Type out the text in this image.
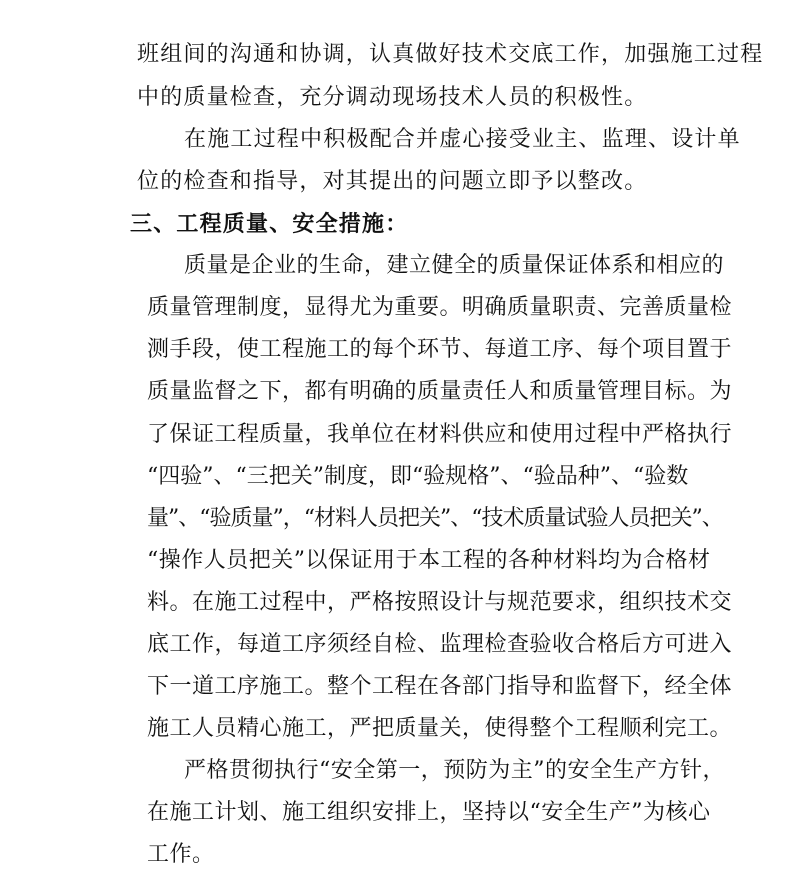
班组间的沟通和协调，认真做好技术交底工作，加强施工过程
中的质量检查，充分调动现场技术人员的积极性。
在施工过程中积极配合并虚心接受业主、监理、设计单
位的检查和指导，对其提出的问题立即予以整改。
三、工程质量、安全措施：
质量是企业的生命，建立健全的质量保证体系和相应的
质量管理制度，显得尤为重要。明确质量职责、完善质量检
测手段，使工程施工的每个环节、每道工序、每个项目置于
质量监督之下，都有明确的质量责任人和质量管理目标。为
了保证工程质量，我单位在材料供应和使用过程中严格执行
“四验”、“三把关”制度，即“验规格”、“验品种”、“验数
量”、“验质量”，“材料人员把关”、“技术质量试验人员把关”、
“操作人员把关”以保证用于本工程的各种材料均为合格材
料。在施工过程中，严格按照设计与规范要求，组织技术交
底工作，每道工序须经自检、监理检查验收合格后方可进入
下一道工序施工。整个工程在各部门指导和监督下，经全体
施工人员精心施工，严把质量关，使得整个工程顺利完工。
严格贯彻执行“安全第一，预防为主”的安全生产方针，
在施工计划、施工组织安排上，坚持以“安全生产”为核心
工作。
